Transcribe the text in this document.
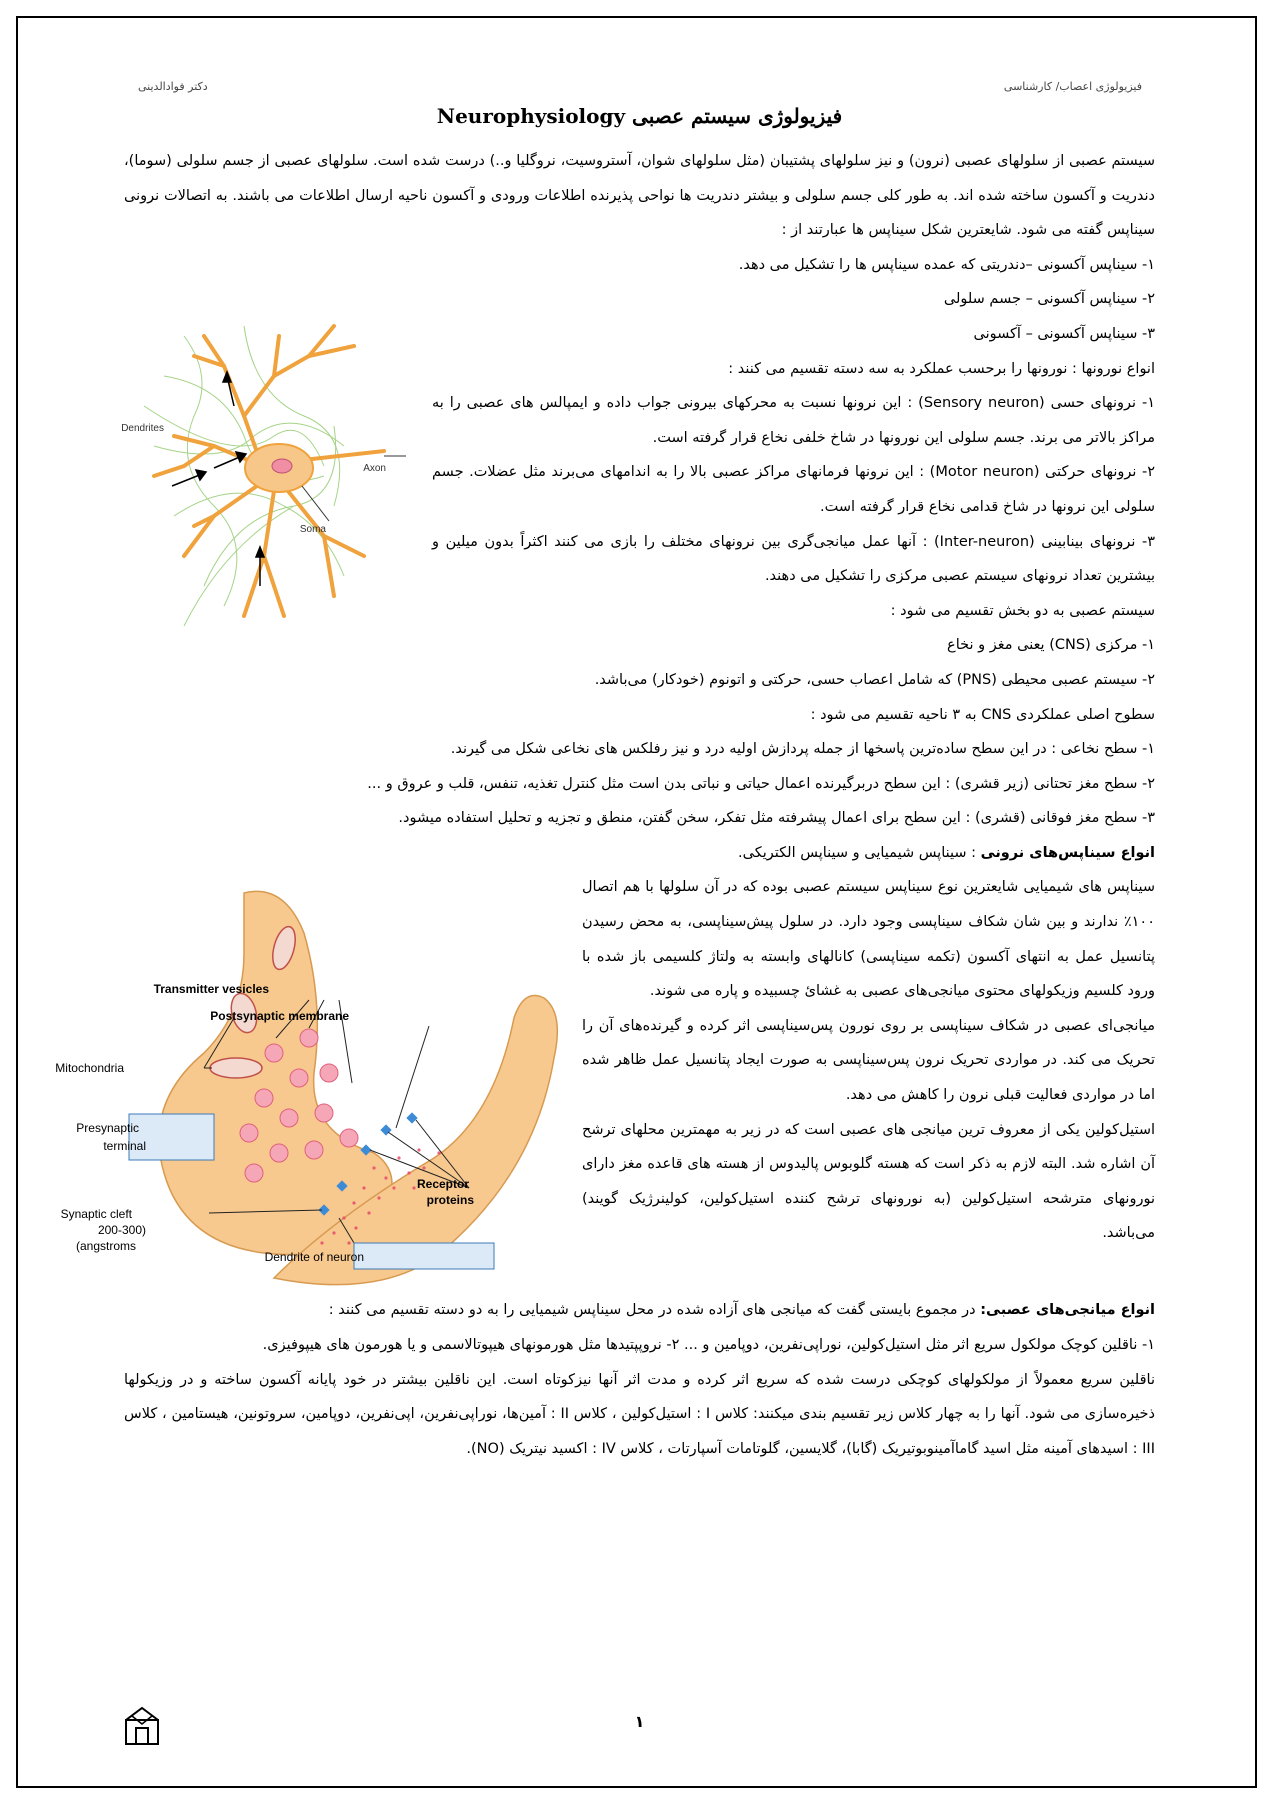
فیزیولوژی اعصاب/ کارشناسی
دکتر فوادالدینی
فیزیولوژی سیستم عصبی Neurophysiology

سیستم عصبی از سلولهای عصبی (نرون) و نیز سلولهای پشتیبان (مثل سلولهای شوان، آستروسیت، نروگلیا و..) درست شده است. سلولهای عصبی از جسم سلولی (سوما)، دندریت و آکسون ساخته شده اند. به طور کلی جسم سلولی و بیشتر دندریت ها نواحی پذیرنده اطلاعات ورودی و آکسون ناحیه ارسال اطلاعات می باشند. به اتصالات نرونی سیناپس گفته می شود. شایعترین شکل سیناپس ها عبارتند از :

Dendrites
Axon
Soma

۱- سیناپس آکسونی –دندریتی که عمده سیناپس ها را تشکیل می دهد.

۲- سیناپس آکسونی – جسم سلولی

۳- سیناپس آکسونی – آکسونی

انواع نورونها : نورونها را برحسب عملکرد به سه دسته تقسیم می کنند :

۱- نرونهای حسی (Sensory neuron) : این نرونها نسبت به محرکهای بیرونی جواب داده و ایمپالس های عصبی را به مراکز بالاتر می برند. جسم سلولی این نورونها در شاخ خلفی نخاع قرار گرفته است.

۲- نرونهای حرکتی (Motor neuron) : این نرونها فرمانهای مراکز عصبی بالا را به اندامهای می‌برند مثل عضلات. جسم سلولی این نرونها در شاخ قدامی نخاع قرار گرفته است.

۳- نرونهای بینابینی (Inter-neuron) : آنها عمل میانجی‌گری بین نرونهای مختلف را بازی می کنند اکثراً بدون میلین و بیشترین تعداد نرونهای سیستم عصبی مرکزی را تشکیل می دهند.

سیستم عصبی به دو بخش تقسیم می شود :

۱- مرکزی (CNS) یعنی مغز و نخاع

۲- سیستم عصبی محیطی (PNS) که شامل اعصاب حسی، حرکتی و اتونوم (خودکار) می‌باشد.

سطوح اصلی عملکردی CNS به ۳ ناحیه تقسیم می شود :

۱- سطح نخاعی : در این سطح ساده‌ترین پاسخها از جمله پردازش اولیه درد و نیز رفلکس های نخاعی شکل می گیرند.

۲- سطح مغز تحتانی (زیر قشری) : این سطح دربرگیرنده اعمال حیاتی و نباتی بدن است مثل کنترل تغذیه، تنفس، قلب و عروق و ...

۳- سطح مغز فوقانی (قشری) : این سطح برای اعمال پیشرفته مثل تفکر، سخن گفتن، منطق و تجزیه و تحلیل استفاده میشود.

انواع سیناپس‌های نرونی : سیناپس شیمیایی و سیناپس الکتریکی.

Transmitter vesicles
Postsynaptic membrane
Mitochondria
Presynaptic
terminal
Receptor
proteins
Synaptic cleft
(200-300
angstroms)
Dendrite of neuron

سیناپس های شیمیایی شایعترین نوع سیناپس سیستم عصبی بوده که در آن سلولها با هم اتصال ۱۰۰٪ ندارند و بین شان شکاف سیناپسی وجود دارد. در سلول پیش‌سیناپسی، به محض رسیدن پتانسیل عمل به انتهای آکسون (تکمه سیناپسی) کانالهای وابسته به ولتاژ کلسیمی باز شده با ورود کلسیم وزیکولهای محتوی میانجی‌های عصبی به غشائ چسبیده و پاره می شوند.

میانجی‌ای عصبی در شکاف سیناپسی بر روی نورون پس‌سیناپسی اثر کرده و گیرنده‌های آن را تحریک می کند. در مواردی تحریک نرون پس‌سیناپسی به صورت ایجاد پتانسیل عمل ظاهر شده اما در مواردی فعالیت قبلی نرون را کاهش می دهد.

استیل‌کولین یکی از معروف ترین میانجی های عصبی است که در زیر به مهمترین محلهای ترشح آن اشاره شد. البته لازم به ذکر است که هسته گلوبوس پالیدوس از هسته های قاعده مغز دارای نورونهای مترشحه استیل‌کولین (به نورونهای ترشح کننده استیل‌کولین، کولینرژیک گویند) می‌باشد.

انواع میانجی‌های عصبی: در مجموع بایستی گفت که میانجی های آزاده شده در محل سیناپس شیمیایی را به دو دسته تقسیم می کنند :

۱- ناقلین کوچک مولکول سریع اثر مثل استیل‌کولین، نوراپی‌نفرین، دوپامین و ... ۲- نروپپتیدها مثل هورمونهای هیپوتالاسمی و یا هورمون های هیپوفیزی.

ناقلین سریع معمولاً از مولکولهای کوچکی درست شده که سریع اثر کرده و مدت اثر آنها نیزکوتاه است. این ناقلین بیشتر در خود پایانه آکسون ساخته و در وزیکولها ذخیره‌سازی می شود. آنها را به چهار کلاس زیر تقسیم بندی میکنند: کلاس I : استیل‌کولین ، کلاس II : آمین‌ها، نوراپی‌نفرین، اپی‌نفرین، دوپامین، سروتونین، هیستامین ، کلاس III : اسیدهای آمینه مثل اسید گاماآمینوبوتیریک (گابا)، گلایسین، گلوتامات آسپارتات ، کلاس IV : اکسید نیتریک (NO).

۱
